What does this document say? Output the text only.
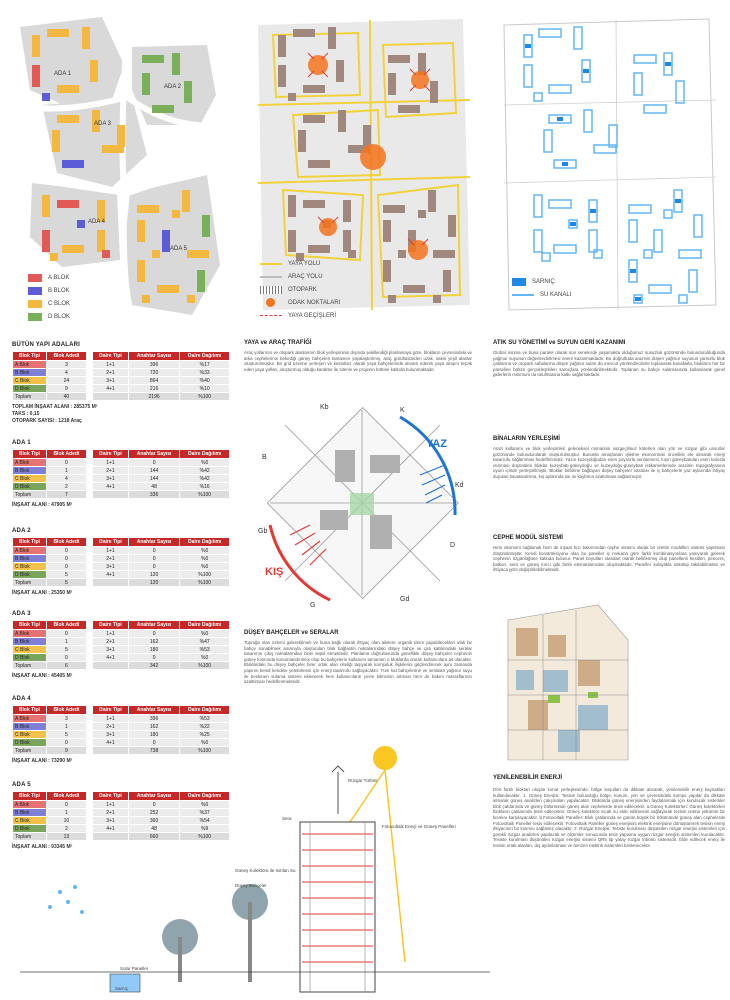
ADA 1
ADA 2
ADA 3
ADA 4
ADA 5
A BLOK
B BLOK
C BLOK
D BLOK
YAYA YOLU
ARAÇ YOLU
OTOPARK
ODAK NOKTALARI
YAYA GEÇİŞLERİ
SARNIÇ
SU KANALI
BÜTÜN YAPI ADALARI
Blok Tipi	Blok Adedi
A Blok	3
B Blok	4
C Blok	24
D Blok	9
Toplam	40
Daire Tipi	Anahtar Sayısı	Daire Dağılımı
1+1	396	%17
2+1	720	%33
3+1	864	%40
4+1	216	%10
	2196	%100
TOPLAM İNŞAAT ALANI : 285375 M²
TAKS : 0,15
OTOPARK SAYISI : 1218 Araç
ADA 1
Blok Tipi	Blok Adedi
A Blok	0
B Blok	1
C Blok	4
D Blok	2
Toplam	7
Daire Tipi	Anahtar Sayısı	Daire Dağılımı
1+1	0	%0
2+1	144	%42
3+1	144	%42
4+1	48	%16
	336	%100
İNŞAAT ALANI : 47905 M²
ADA 2
Blok Tipi	Blok Adedi
A Blok	0
B Blok	0
C Blok	0
D Blok	5
Toplam	5
Daire Tipi	Anahtar Sayısı	Daire Dağılımı
1+1	0	%0
2+1	0	%0
3+1	0	%0
4+1	120	%100
	120	%100
İNŞAAT ALANI : 25350 M²
ADA 3
Blok Tipi	Blok Adedi
A Blok	0
B Blok	1
C Blok	5
D Blok	0
Toplam	6
Daire Tipi	Anahtar Sayısı	Daire Dağılımı
1+1	0	%0
2+1	162	%47
3+1	180	%53
4+1	0	%0
	342	%100
İNŞAAT ALANI : 45405 M²
ADA 4
Blok Tipi	Blok Adedi
A Blok	3
B Blok	1
C Blok	5
D Blok	0
Toplam	9
Daire Tipi	Anahtar Sayısı	Daire Dağılımı
1+1	396	%53
2+1	162	%22
3+1	180	%25
4+1	0	%0
	738	%100
İNŞAAT ALANI : 73290 M²
ADA 5
Blok Tipi	Blok Adedi
A Blok	0
B Blok	1
C Blok	10
D Blok	2
Toplam	13
Daire Tipi	Anahtar Sayısı	Daire Dağılımı
1+1	0	%0
2+1	252	%37
3+1	360	%54
4+1	48	%9
	660	%100
İNŞAAT ALANI : 93345 M²
YAYA ve ARAÇ TRAFİĞİ
Araç yollarının ve otopark alanlarının blok yerleşiminin dışında şekillendiği planlamaya göre, blokların çevresindeki ve arka cephelerinin bekirdiği güney bahçeleri tamamen yayalaştırılmış, araç gürültüsünden uzak, sakin yeşil alanlar oluşturulmuştur. Bir grid üzerine yerleşen ve kesintisiz olarak yaya bahçelerinde devam ederek yaya akışını teşvik eden yaya yolları, oluşturmuş olduğu karakter ile sitenin ve projenin bütüne katkıda bulunmaktadır.
Kb	K
Kd
B
D
Gb
G
Gd
YAZ
KIŞ
DÜŞEY BAHÇELER ve SERALAR
Toprağa olan özlemi giderebilmek ve buna bağlı olarak ihtiyaç olan ailelere organik tarım yapabilecekleri ufak bir bahçe sunabilmek amacıyla oluşturulan blok bağlantılı noktalarındaki düşey bahçe ve çatı katlarındaki seralar tasarımın çıkış noktalarından birini teşkil etmektedir. Planlama doğrultusunda genellikle düşey bahçeler cephenin güney kısmında konumlandırılmış olup bu bahçelerin kullanımı tamamen o bloklarda oturan kullanıcılara ait olacaktır. Bloklardaki bu düşey bahçeler birer ortak alan niteliği taşıyarak komşuluk ilişkilerini güçlendirecek aynı zamanda yapının kendi kendine yetebilmesi için enerji tasarrufu sağlayacaktır. Tüm kat bahçelerine ve seralara yağmur suyu ile beslenen sulama sistemi eklenerek hem kullanıcıların çevre bilincinin artması hem de bakım masraflarının azaltılması hedeflenmektedir.
Rüzgar Türbini
Sera
Fotovoltaik Enerji ve Güneş Panelleri
Güneş Kolektörü ile Isıtılan Su
Düşey Bahçeler
Solar Paneller
Sarnıç
ATIK SU YÖNETİMİ ve SUYUN GERİ KAZANIMI
Global ısınma ve buna paralel olarak son senelerde yaşamakta olduğumuz susuzluk gözönünde bulundurulduğunda yağmur suyunun değerlendirilmesi önem kazanmaktadır. Bu doğrultuda arazinin düşen yağmur suyunun yamurlu blok çatılarına ve otopark sahalarına düşen yağmur suları da mevcut yönlendiricilerle toplanarak kanallarla, blokların her bir parseline bölüm gerçekleştirilen sarnıçlara yönlendirilmektedir. Toplanan su bahçe sulamasında kullanılarak genel giderlerin minimum da tutulmasına katkı sağlamaktadır.
BİNALARIN YERLEŞİMİ
Arazi kullanımı ve blok yerleşimleri geleneksel mimarinin vazgeçilmez kriterleri olan yön ve rüzgar gibi unsurlar gözönünde bulundurularak oluşturulmuştur. Bununla amaçlanan işletme ekonomisini öncelikle ele alınarak enerji tasarrufu sağlanması hedeflenmiştir. Yazın kuzeydoğudan esen poyrazla serinlemesi, kışın güneybatıdan esen lodosla ısınması düşünülen bloklar kuzeybatı-güneydoğu ve kuzeydoğu-güneybatı istikametlerinde arazinin topografyasına uyum içinde yerleştirilmiştir. Bloklar birbirine bağlayan düşey bahçeler vasıtası ile iç bahçelerle yaz aylarında ihtiyaç duyulan havalandırma, kış aylarında ise ısı kaybının azaltılması sağlanmıştır.
CEPHE MODÜL SİSTEMİ
Hem ekonomi sağlamak hem de inşaat hızı bakımından cephe sistemi olarak bir üretim modülleri sistemi yapılması düşünülmüştür. Kendi konstrüksiyonu olan bu paneller iç mekana göre farklı kombinasyonlara yanıyarak gelerek cephenin özgünlüğüne katkıda bulunur. Panel boyutları standart olarak belirlenmiş olup panellerin kesitleri, pencere, balkon, sera ve güneş kırıcı gibi farklı elemanlarından oluşmaktadır. Paneller kolaylıkla sökülüp takılabilmekte ve ihtiyaca göre değiştirilebilmektedir.
YENİLENEBİLİR ENERJİ
Dört farklı bloktan oluşan konut yerleşkesinde, bölge koşulları da dikkate alınarak, yenilenebilir enerji kaynakları kullanılacaktır. 1. Güneş Enerjisi: Tesisin bulunduğu bölge, konum, yön ve çevresindeki komşu yapılar da dikkate alınarak güneş analizleri çalışmaları yapılacaktır. Bloklarda güneş enerjisinden faydalanmak için kurulacak sistemler blok çatılarında ve güney bölümünde güneş alan cephelerde tesis edilecektir. a.Güneş Kolektörleri: Güneş kolektörleri blokların çatılarında tesis edilecektir. Güneş kolektörü sıcak su elde edilmesini sağlayarak tesisin ısıtma yükünün bir kısmını karşılayacaktır. b.Fotovoltaik Paneller: Blok çatılarında ve günün büyük bir bölümünde güneş alan cephelerde Fotovoltaik Paneller tesis edilecektir. Fotovoltaik Paneller güneş enerjisini elektrik enerjisine dönüştürerek tesisin enerji ihtiyacının bir kısmını sağlamış olacaktır. 2. Rüzgar Enerjisi: Tesiste kurulması düşünülen rüzgar enerjisi sistemleri için gerekli rüzgar analizleri yapılacak ve ölçümler sonucunda tesis yapısına uygun rüzgar enerjisi sistemleri kurulacaktır. Tesiste kurulması düşünülen rüzgar enerjisi sistemi QR5 tip yatay rüzgar tribünü sistemidir. Elde edilecek enerji ile tesisin ortak alanları, dış aydınlatması ve benzeri elektrik sistemleri beslenecektir.
